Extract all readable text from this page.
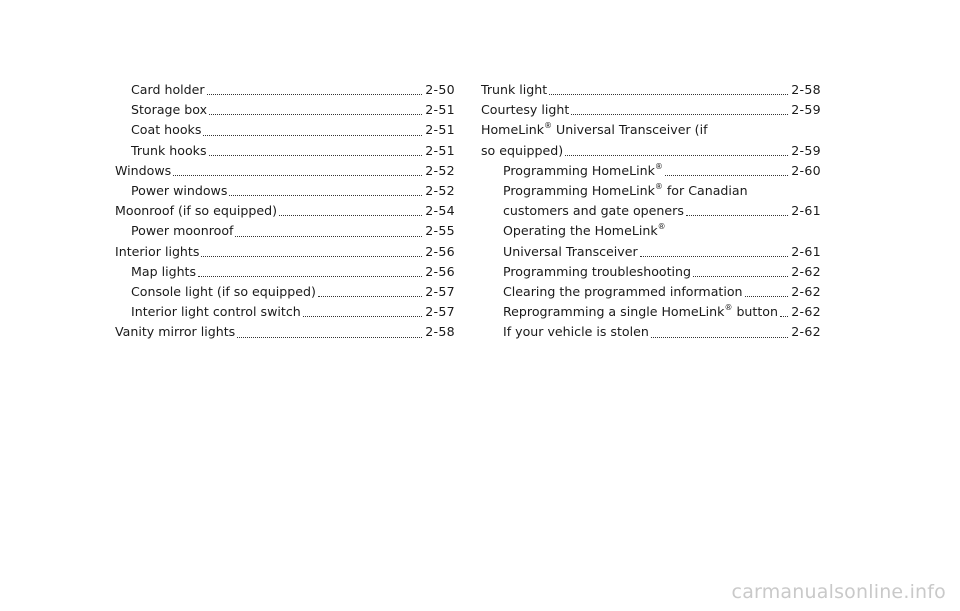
Card holder	2-50
Storage box	2-51
Coat hooks	2-51
Trunk hooks	2-51
Windows	2-52
Power windows	2-52
Moonroof (if so equipped)	2-54
Power moonroof	2-55
Interior lights	2-56
Map lights	2-56
Console light (if so equipped)	2-57
Interior light control switch	2-57
Vanity mirror lights	2-58
Trunk light	2-58
Courtesy light	2-59
HomeLink® Universal Transceiver (if
so equipped)	2-59
Programming HomeLink®	2-60
Programming HomeLink® for Canadian
customers and gate openers	2-61
Operating the HomeLink®
Universal Transceiver	2-61
Programming troubleshooting	2-62
Clearing the programmed information	2-62
Reprogramming a single HomeLink® button 2-62
If your vehicle is stolen	2-62
carmanualsonline.info
